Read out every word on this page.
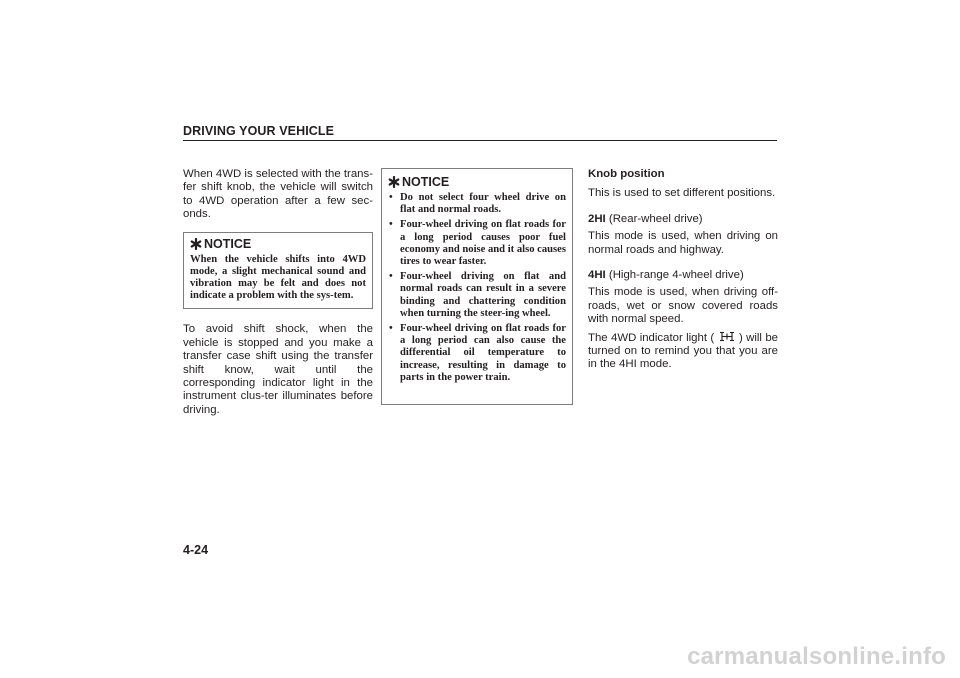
DRIVING YOUR VEHICLE

When 4WD is selected with the trans-fer shift knob, the vehicle will switch to 4WD operation after a few sec-onds.

NOTICE

When the vehicle shifts into 4WD mode, a slight mechanical sound and vibration may be felt and does not indicate a problem with the sys-tem.

To avoid shift shock, when the vehicle is stopped and you make a transfer case shift using the transfer shift know, wait until the corresponding indicator light in the instrument clus-ter illuminates before driving.

NOTICE
• Do not select four wheel drive on flat and normal roads.
• Four-wheel driving on flat roads for a long period causes poor fuel economy and noise and it also causes tires to wear faster.
• Four-wheel driving on flat and normal roads can result in a severe binding and chattering condition when turning the steer-ing wheel.
• Four-wheel driving on flat roads for a long period can also cause the differential oil temperature to increase, resulting in damage to parts in the power train.

Knob position

This is used to set different positions.

2HI (Rear-wheel drive)

This mode is used, when driving on normal roads and highway.

4HI (High-range 4-wheel drive)

This mode is used, when driving off-roads, wet or snow covered roads with normal speed.

The 4WD indicator light ( ) will be turned on to remind you that you are in the 4HI mode.

4-24
carmanualsonline.info
